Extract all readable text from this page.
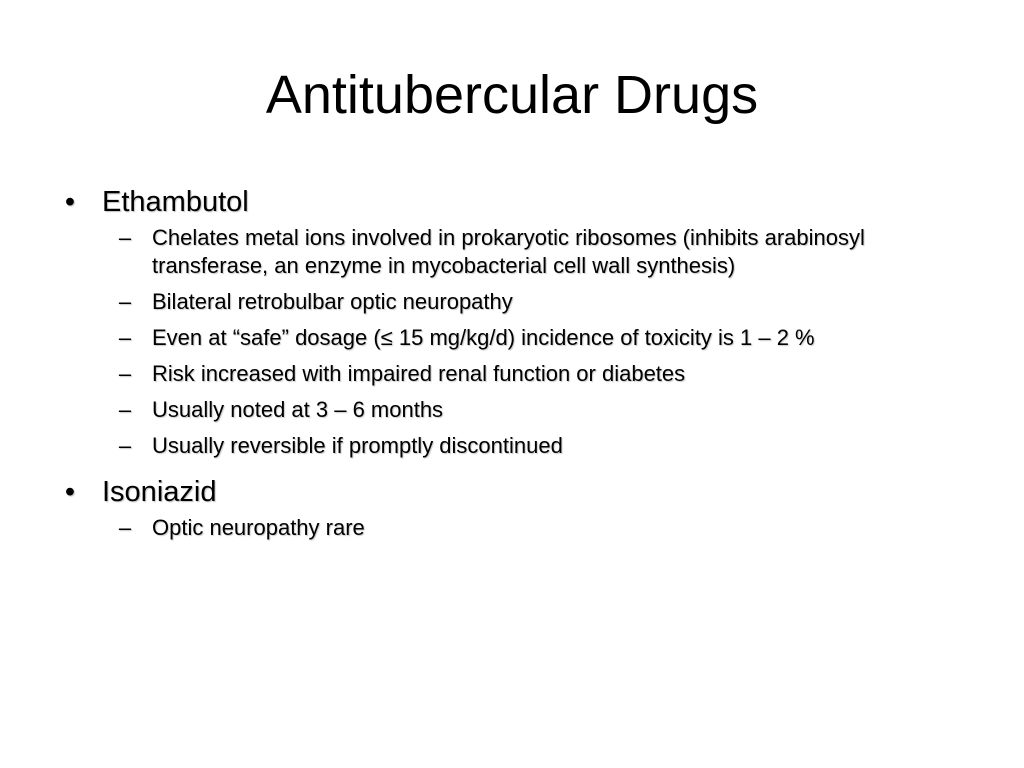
Antitubercular Drugs
• Ethambutol
– Chelates metal ions involved in prokaryotic ribosomes (inhibits arabinosyl transferase, an enzyme in mycobacterial cell wall synthesis)
– Bilateral retrobulbar optic neuropathy
– Even at “safe” dosage (≤ 15 mg/kg/d) incidence of toxicity is 1 – 2 %
– Risk increased with impaired renal function or diabetes
– Usually noted at 3 – 6 months
– Usually reversible if promptly discontinued
• Isoniazid
– Optic neuropathy rare
